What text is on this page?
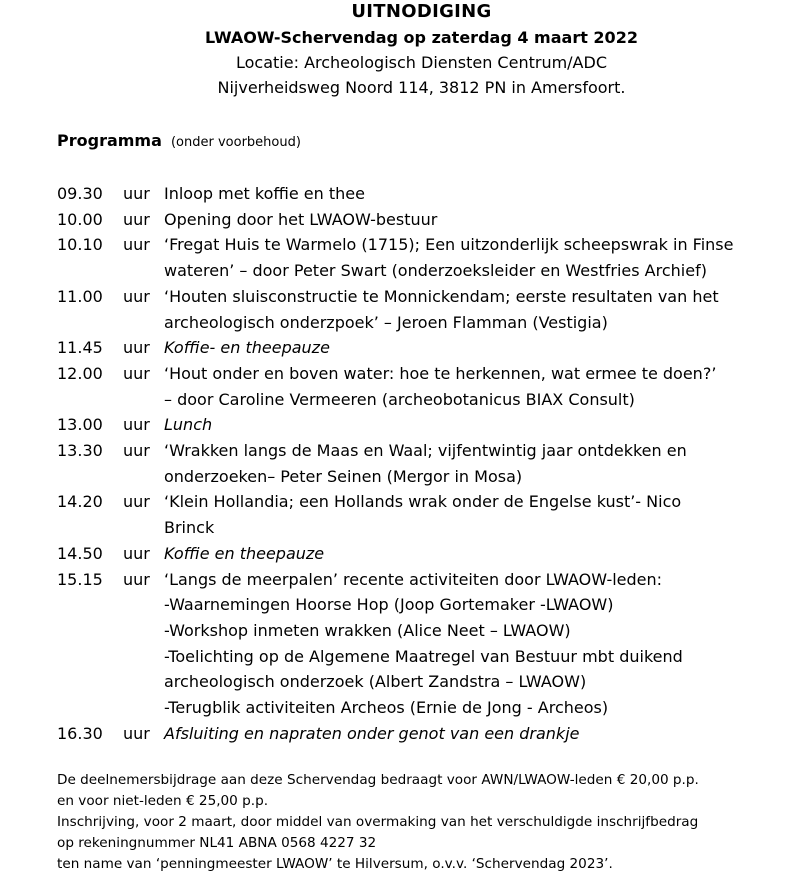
UITNODIGING
LWAOW-Schervendag op zaterdag 4 maart 2022
Locatie: Archeologisch Diensten Centrum/ADC
Nijverheidsweg Noord 114, 3812 PN in Amersfoort.
Programma (onder voorbehoud)
09.30	uur Inloop met koffie en thee
10.00	uur Opening door het LWAOW-bestuur
10.10	uur ‘Fregat Huis te Warmelo (1715); Een uitzonderlijk scheepswrak in Finse
wateren’ – door Peter Swart (onderzoeksleider en Westfries Archief)
11.00	uur ‘Houten sluisconstructie te Monnickendam; eerste resultaten van het
archeologisch onderzpoek’ – Jeroen Flamman (Vestigia)
11.45	uur Koffie- en theepauze
12.00	uur ‘Hout onder en boven water: hoe te herkennen, wat ermee te doen?’
– door Caroline Vermeeren (archeobotanicus BIAX Consult)
13.00	uur Lunch
13.30	uur ‘Wrakken langs de Maas en Waal; vijfentwintig jaar ontdekken en
onderzoeken– Peter Seinen (Mergor in Mosa)
14.20	uur ‘Klein Hollandia; een Hollands wrak onder de Engelse kust’- Nico
Brinck
14.50	uur Koffie en theepauze
15.15	uur ‘Langs de meerpalen’ recente activiteiten door LWAOW-leden:
-Waarnemingen Hoorse Hop (Joop Gortemaker -LWAOW)
-Workshop inmeten wrakken (Alice Neet – LWAOW)
-Toelichting op de Algemene Maatregel van Bestuur mbt duikend
archeologisch onderzoek (Albert Zandstra – LWAOW)
-Terugblik activiteiten Archeos (Ernie de Jong - Archeos)
16.30	uur Afsluiting en napraten onder genot van een drankje
De deelnemersbijdrage aan deze Schervendag bedraagt voor AWN/LWAOW-leden € 20,00 p.p.
en voor niet-leden € 25,00 p.p.
Inschrijving, voor 2 maart, door middel van overmaking van het verschuldigde inschrijfbedrag
op rekeningnummer NL41 ABNA 0568 4227 32
ten name van ‘penningmeester LWAOW’ te Hilversum, o.v.v. ‘Schervendag 2023’.
